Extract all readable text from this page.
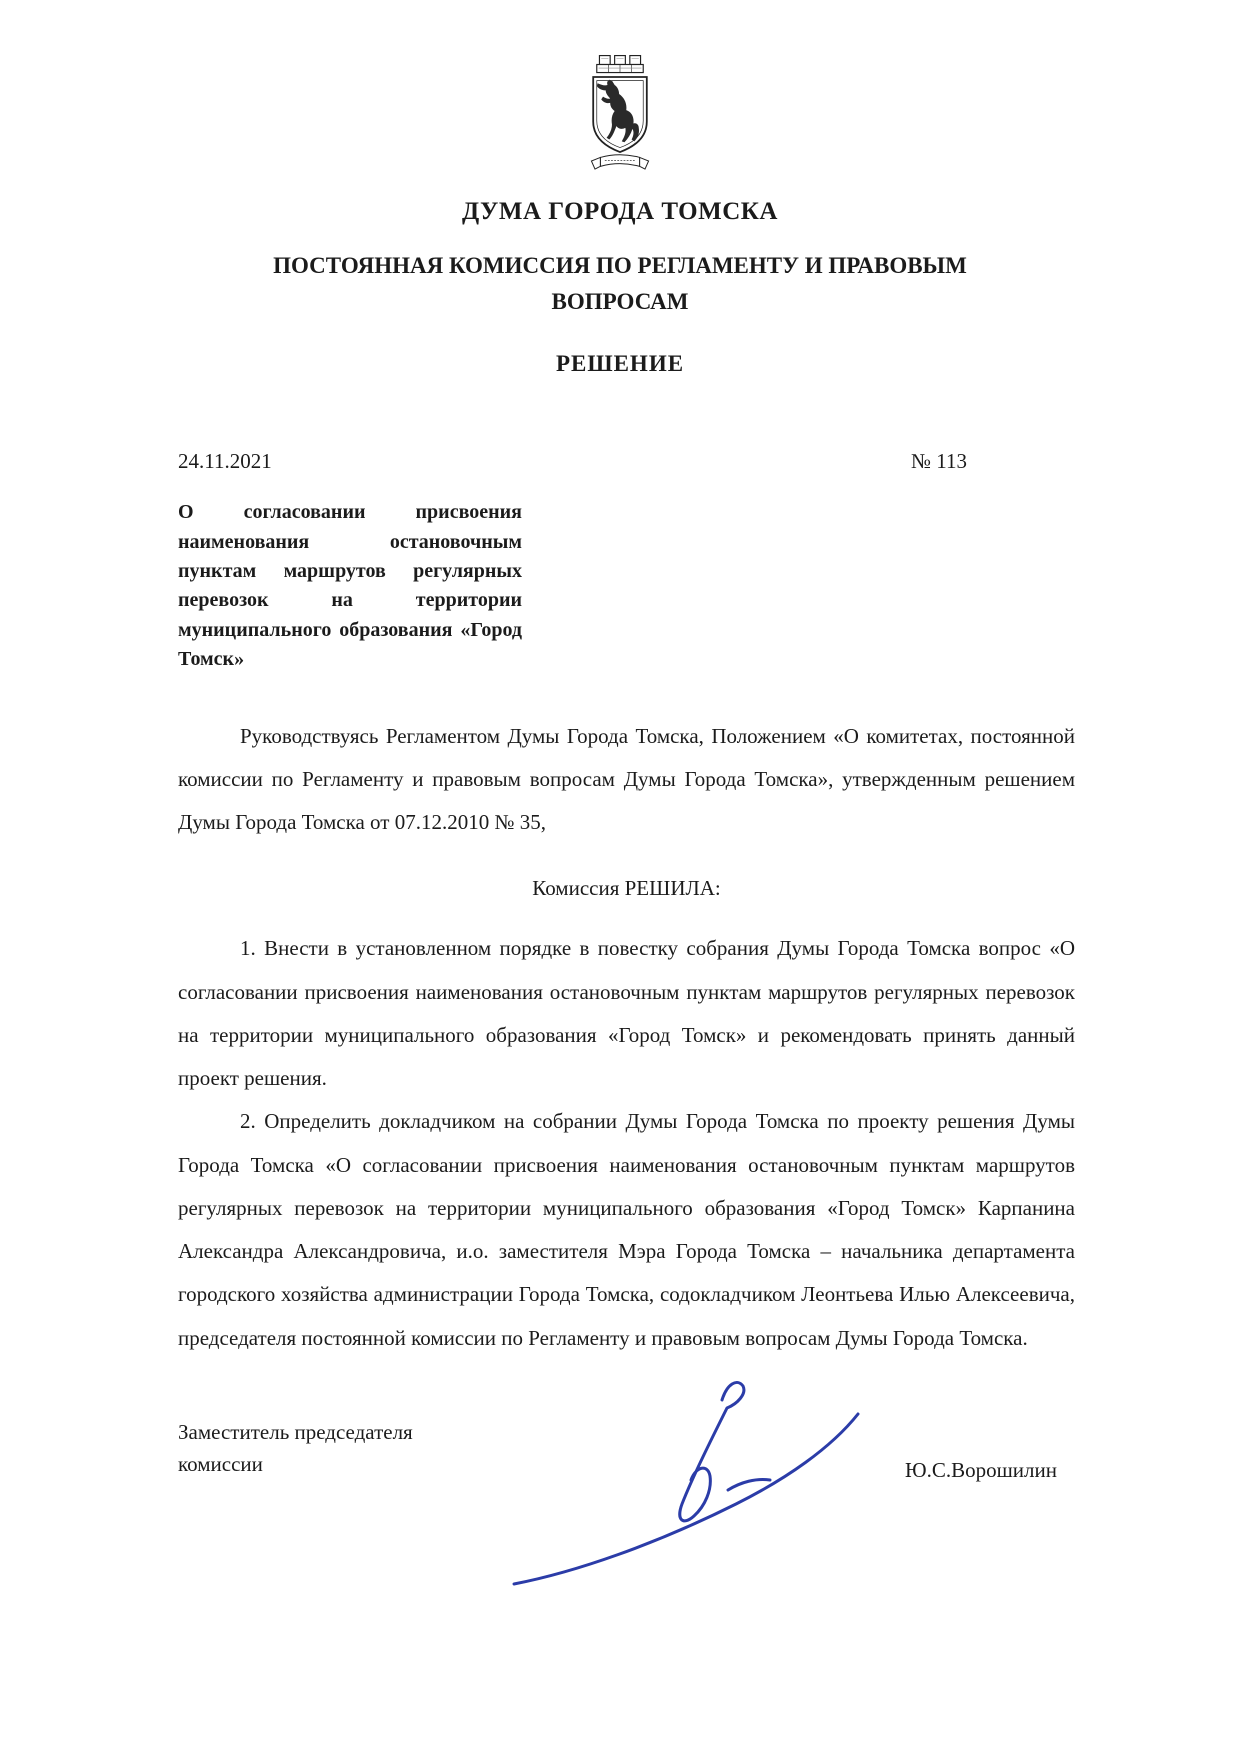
ДУМА ГОРОДА ТОМСКА
ПОСТОЯННАЯ КОМИССИЯ ПО РЕГЛАМЕНТУ И ПРАВОВЫМ ВОПРОСАМ
РЕШЕНИЕ
24.11.2021	№ 113
О согласовании присвоения наименования остановочным пунктам маршрутов регулярных перевозок на территории муниципального образования «Город Томск»

Руководствуясь Регламентом Думы Города Томска, Положением «О комитетах, постоянной комиссии по Регламенту и правовым вопросам Думы Города Томска», утвержденным решением Думы Города Томска от 07.12.2010 № 35,

Комиссия РЕШИЛА:

1. Внести в установленном порядке в повестку собрания Думы Города Томска вопрос «О согласовании присвоения наименования остановочным пунктам маршрутов регулярных перевозок на территории муниципального образования «Город Томск» и рекомендовать принять данный проект решения.

2. Определить докладчиком на собрании Думы Города Томска по проекту решения Думы Города Томска «О согласовании присвоения наименования остановочным пунктам маршрутов регулярных перевозок на территории муниципального образования «Город Томск» Карпанина Александра Александровича, и.о. заместителя Мэра Города Томска – начальника департамента городского хозяйства администрации Города Томска, содокладчиком Леонтьева Илью Алексеевича, председателя постоянной комиссии по Регламенту и правовым вопросам Думы Города Томска.

Заместитель председателя комиссии	Ю.С.Ворошилин
